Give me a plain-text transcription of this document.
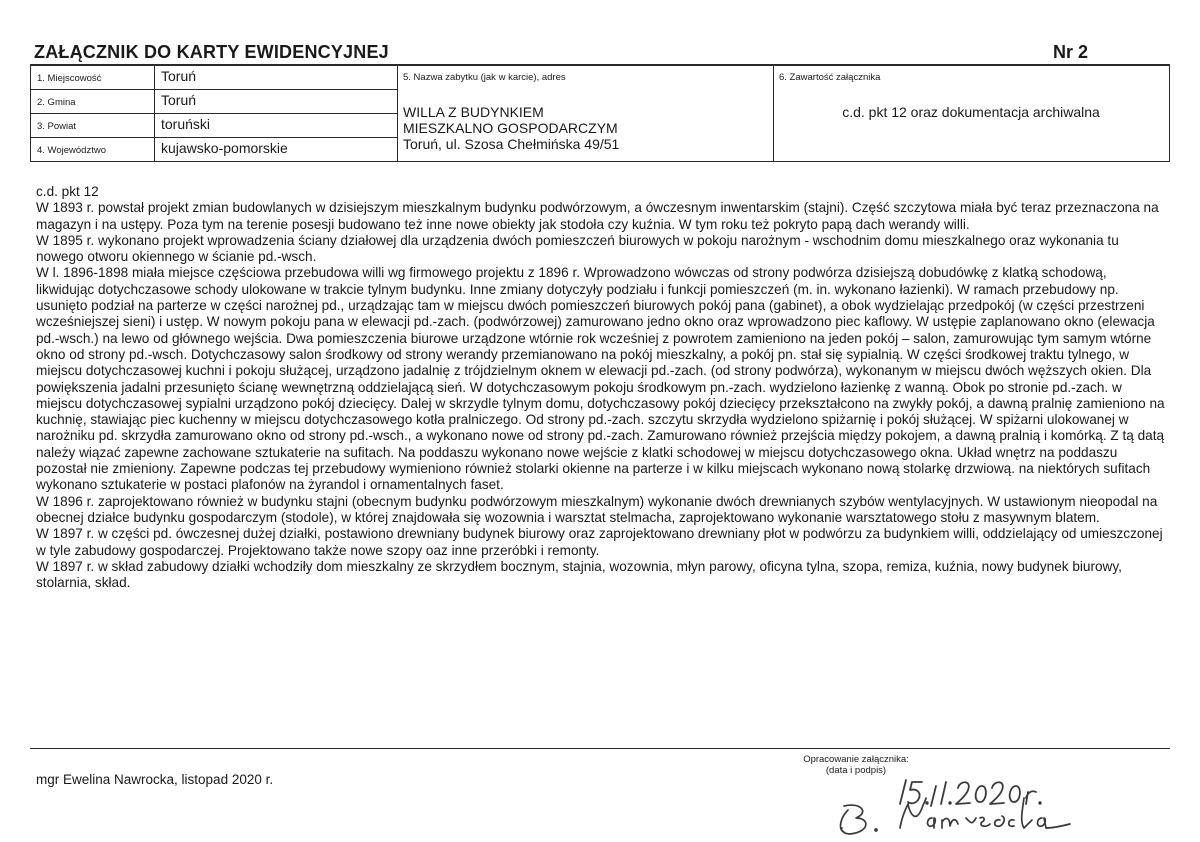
ZAŁĄCZNIK DO KARTY EWIDENCYJNEJ	Nr 2
1. Miejscowość	Toruń
2. Gmina	Toruń
3. Powiat	toruński
4. Województwo	kujawsko-pomorskie
5. Nazwa zabytku (jak w karcie), adres
WILLA Z BUDYNKIEM
MIESZKALNO GOSPODARCZYM
Toruń, ul. Szosa Chełmińska 49/51
6. Zawartość załącznika
c.d. pkt 12 oraz dokumentacja archiwalna

c.d. pkt 12

W 1893 r. powstał projekt zmian budowlanych w dzisiejszym mieszkalnym budynku podwórzowym, a ówczesnym inwentarskim (stajni). Część szczytowa miała być teraz przeznaczona na magazyn i na ustępy. Poza tym na terenie posesji budowano też inne nowe obiekty jak stodoła czy kuźnia. W tym roku też pokryto papą dach werandy willi.

W 1895 r. wykonano projekt wprowadzenia ściany działowej dla urządzenia dwóch pomieszczeń biurowych w pokoju narożnym - wschodnim domu mieszkalnego oraz wykonania tu nowego otworu okiennego w ścianie pd.-wsch.

W l. 1896-1898 miała miejsce częściowa przebudowa willi wg firmowego projektu z 1896 r. Wprowadzono wówczas od strony podwórza dzisiejszą dobudówkę z klatką schodową, likwidując dotychczasowe schody ulokowane w trakcie tylnym budynku. Inne zmiany dotyczyły podziału i funkcji pomieszczeń (m. in. wykonano łazienki). W ramach przebudowy np. usunięto podział na parterze w części narożnej pd., urządzając tam w miejscu dwóch pomieszczeń biurowych pokój pana (gabinet), a obok wydzielając przedpokój (w części przestrzeni wcześniejszej sieni) i ustęp. W nowym pokoju pana w elewacji pd.-zach. (podwórzowej) zamurowano jedno okno oraz wprowadzono piec kaflowy. W ustępie zaplanowano okno (elewacja pd.-wsch.) na lewo od głównego wejścia. Dwa pomieszczenia biurowe urządzone wtórnie rok wcześniej z powrotem zamieniono na jeden pokój – salon, zamurowując tym samym wtórne okno od strony pd.-wsch. Dotychczasowy salon środkowy od strony werandy przemianowano na pokój mieszkalny, a pokój pn. stał się sypialnią. W części środkowej traktu tylnego, w miejscu dotychczasowej kuchni i pokoju służącej, urządzono jadalnię z trójdzielnym oknem w elewacji pd.-zach. (od strony podwórza), wykonanym w miejscu dwóch węższych okien. Dla powiększenia jadalni przesunięto ścianę wewnętrzną oddzielającą sień. W dotychczasowym pokoju środkowym pn.-zach. wydzielono łazienkę z wanną. Obok po stronie pd.-zach. w miejscu dotychczasowej sypialni urządzono pokój dziecięcy. Dalej w skrzydle tylnym domu, dotychczasowy pokój dziecięcy przekształcono na zwykły pokój, a dawną pralnię zamieniono na kuchnię, stawiając piec kuchenny w miejscu dotychczasowego kotła pralniczego. Od strony pd.-zach. szczytu skrzydła wydzielono spiżarnię i pokój służącej. W spiżarni ulokowanej w narożniku pd. skrzydła zamurowano okno od strony pd.-wsch., a wykonano nowe od strony pd.-zach. Zamurowano również przejścia między pokojem, a dawną pralnią i komórką. Z tą datą należy wiązać zapewne zachowane sztukaterie na sufitach. Na poddaszu wykonano nowe wejście z klatki schodowej w miejscu dotychczasowego okna. Układ wnętrz na poddaszu pozostał nie zmieniony. Zapewne podczas tej przebudowy wymieniono również stolarki okienne na parterze i w kilku miejscach wykonano nową stolarkę drzwiową. na niektórych sufitach wykonano sztukaterie w postaci plafonów na żyrandol i ornamentalnych faset.

W 1896 r. zaprojektowano również w budynku stajni (obecnym budynku podwórzowym mieszkalnym) wykonanie dwóch drewnianych szybów wentylacyjnych. W ustawionym nieopodal na obecnej działce budynku gospodarczym (stodole), w której znajdowała się wozownia i warsztat stelmacha, zaprojektowano wykonanie warsztatowego stołu z masywnym blatem.

W 1897 r. w części pd. ówczesnej dużej działki, postawiono drewniany budynek biurowy oraz zaprojektowano drewniany płot w podwórzu za budynkiem willi, oddzielający od umieszczonej w tyle zabudowy gospodarczej. Projektowano także nowe szopy oaz inne przeróbki i remonty.

W 1897 r. w skład zabudowy działki wchodziły dom mieszkalny ze skrzydłem bocznym, stajnia, wozownia, młyn parowy, oficyna tylna, szopa, remiza, kuźnia, nowy budynek biurowy, stolarnia, skład.

mgr Ewelina Nawrocka, listopad 2020 r.
Opracowanie załącznika:
(data i podpis)
